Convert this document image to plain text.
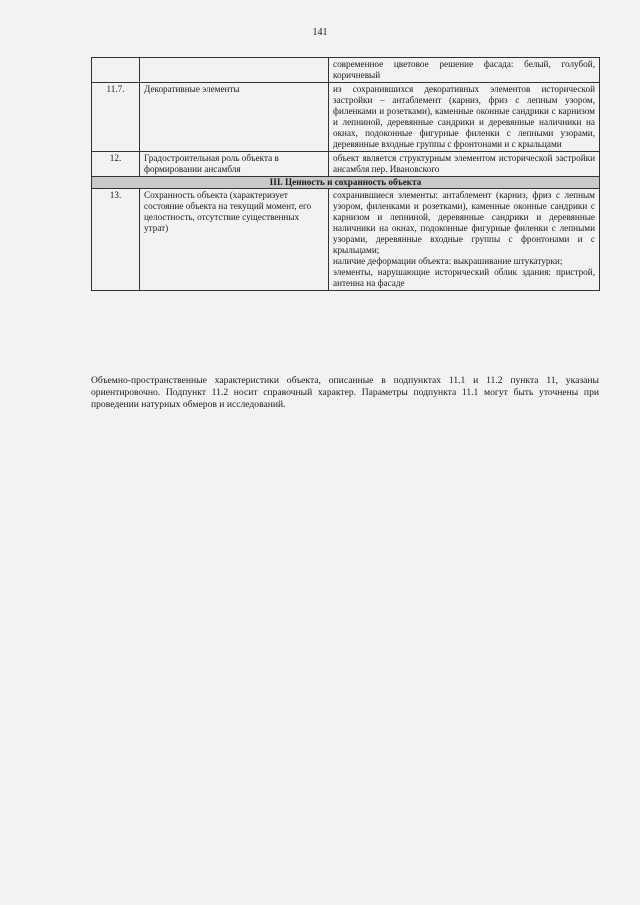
141

		современное цветовое решение фасада: белый, голубой, коричневый

11.7.	Декоративные элементы	из сохранившихся декоративных элементов исторической застройки – антаблемент (карниз, фриз с лепным узором, филенками и розетками), каменные оконные сандрики с карнизом и лепниной, деревянные сандрики и деревянные наличники на окнах, подоконные фигурные филенки с лепными узорами, деревянные входные группы с фронтонами и с крыльцами

12.	Градостроительная роль объекта в формировании ансамбля	объект является структурным элементом исторической застройки ансамбля пер. Ивановского

III. Ценность и сохранность объекта		
13.	Сохранность объекта (характеризует состояние объекта на текущий момент, его целостность, отсутствие существенных утрат)	сохранившиеся элементы: антаблемент (карниз, фриз с лепным узором, филенками и розетками), каменные оконные сандрики с карнизом и лепниной, деревянные сандрики и деревянные наличники на окнах, подоконные фигурные филенки с лепными узорами, деревянные входные группы с фронтонами и с крыльцами;

наличие деформации объекта: выкрашивание штукатурки;

элементы, нарушающие исторический облик здания: пристрой, антенна на фасаде

Объемно-пространственные характеристики объекта, описанные в подпунктах 11.1 и 11.2 пункта 11, указаны ориентировочно. Подпункт 11.2 носит справочный характер. Параметры подпункта 11.1 могут быть уточнены при проведении натурных обмеров и исследований.
